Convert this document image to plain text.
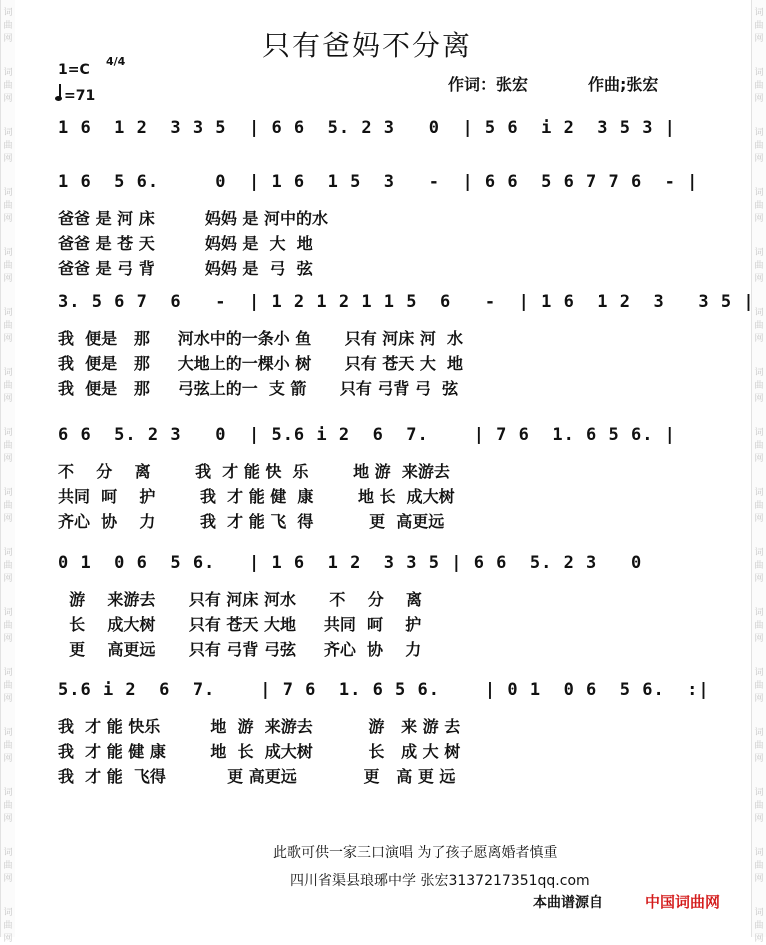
词
曲
网
词
曲
网
词
曲
网
词
曲
网
词
曲
网
词
曲
网
词
曲
网
词
曲
网
词
曲
网
词
曲
网
词
曲
网
词
曲
网
词
曲
网
词
曲
网
词
曲
网
词
曲
网
词
曲
网
词
曲
网
词
曲
网
词
曲
网
词
曲
网
词
曲
网
词
曲
网
词
曲
网
词
曲
网
词
曲
网
词
曲
网
词
曲
网
词
曲
网
词
曲
网
词
曲
网
词
曲
网
只有爸妈不分离
1=C
4/4
=71
作词：张宏	作曲;张宏
1 6  1 2  3 3 5  | 6 6  5. 2 3   0  | 5 6  i 2  3 5 3 |
1 6  5 6.     0  | 1 6  1 5  3   -  | 6 6  5 6 7 7 6  - |
爸爸 是 河 床         妈妈 是 河中的水
爸爸 是 苍 天         妈妈 是  大  地
爸爸 是 弓 背         妈妈 是  弓  弦
3. 5 6 7  6   -  | 1 2 1 2 1 1 5  6   -  | 1 6  1 2  3   3 5 |
我  便是   那     河水中的一条小 鱼      只有 河床 河  水
我  便是   那     大地上的一棵小 树      只有 苍天 大  地
我  便是   那     弓弦上的一  支 箭      只有 弓背 弓  弦
6 6  5. 2 3   0  | 5.6 i 2  6  7.    | 7 6  1. 6 5 6. |
不    分    离        我  才 能 快  乐        地 游  来游去
共同  呵    护        我  才 能 健  康        地 长  成大树
齐心  协    力        我  才 能 飞  得          更  高更远
0 1  0 6  5 6.   | 1 6  1 2  3 3 5 | 6 6  5. 2 3   0
游    来游去      只有 河床 河水      不    分    离
长    成大树      只有 苍天 大地     共同  呵    护
更    高更远      只有 弓背 弓弦     齐心  协    力
5.6 i 2  6  7.    | 7 6  1. 6 5 6.    | 0 1  0 6  5 6.  :|
我  才 能 快乐         地  游  来游去          游   来 游 去
我  才 能 健 康        地  长  成大树          长   成 大 树
我  才 能  飞得           更 高更远            更   高 更 远
此歌可供一家三口演唱 为了孩子愿离婚者慎重
四川省渠县琅琊中学 张宏3137217351qq.com
本曲谱源自	中国词曲网
